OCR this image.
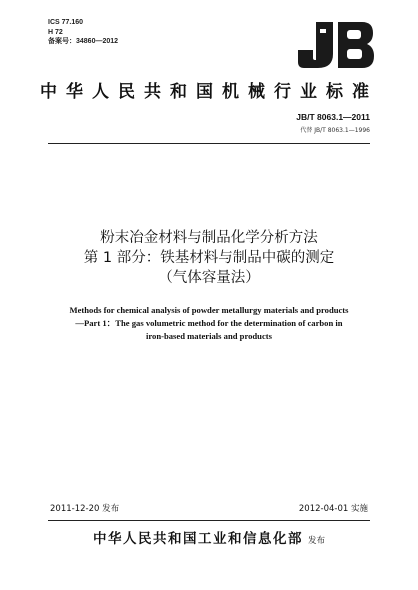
ICS 77.160
H 72
备案号：34860—2012
中华人民共和国机械行业标准
JB/T 8063.1—2011
代替 JB/T 8063.1—1996
粉末冶金材料与制品化学分析方法
第 1 部分：铁基材料与制品中碳的测定
（气体容量法）
Methods for chemical analysis of powder metallurgy materials and products
—Part 1：The gas volumetric method for the determination of carbon in
iron-based materials and products
2011-12-20 发布	2012-04-01 实施
中华人民共和国工业和信息化部 发布
